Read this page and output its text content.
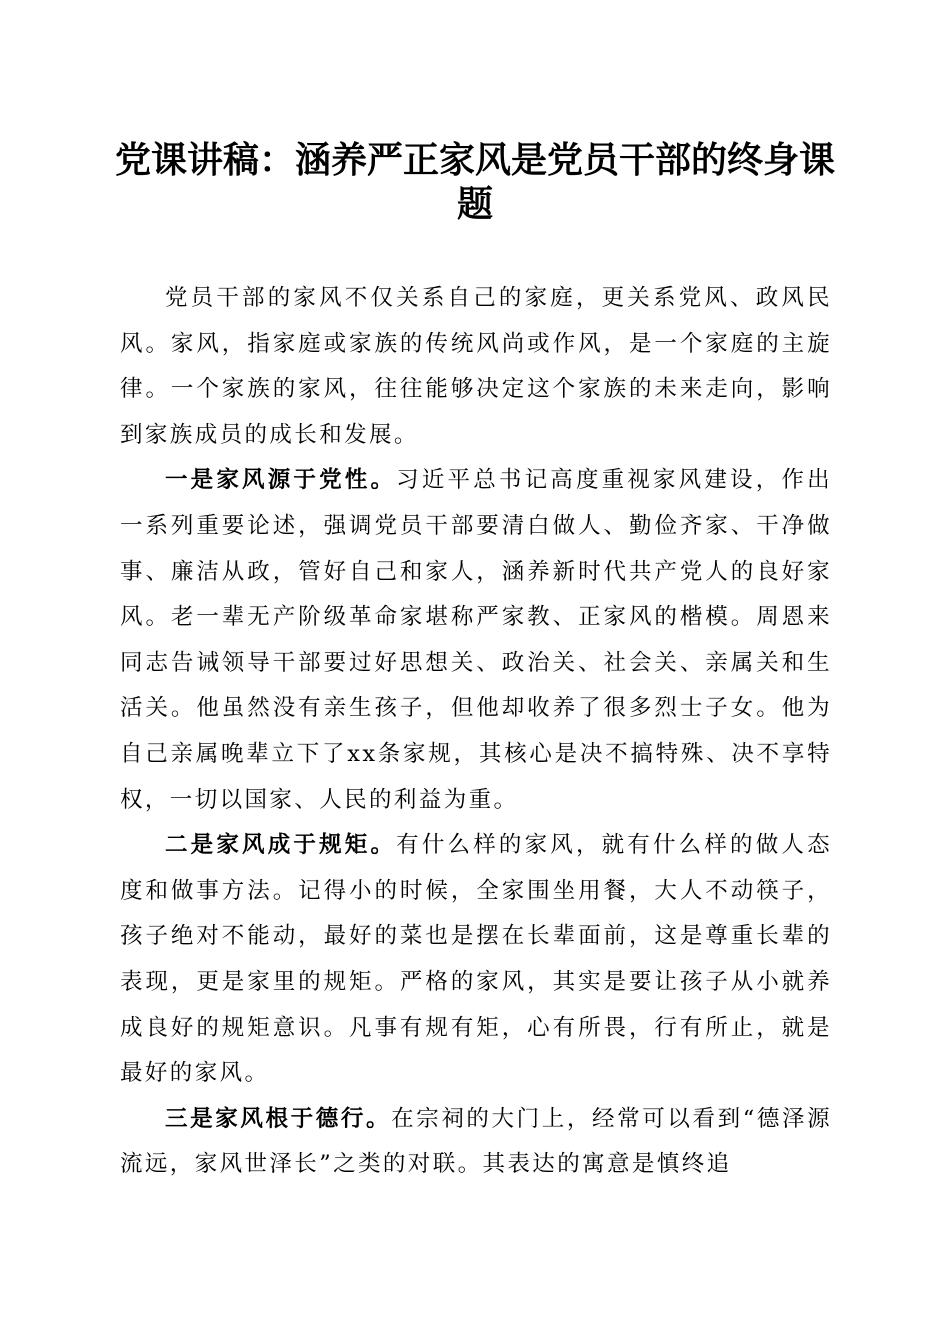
党课讲稿：涵养严正家风是党员干部的终身课题

党员干部的家风不仅关系自己的家庭，更关系党风、政风民风。家风，指家庭或家族的传统风尚或作风，是一个家庭的主旋律。一个家族的家风，往往能够决定这个家族的未来走向，影响到家族成员的成长和发展。

一是家风源于党性。习近平总书记高度重视家风建设，作出一系列重要论述，强调党员干部要清白做人、勤俭齐家、干净做事、廉洁从政，管好自己和家人，涵养新时代共产党人的良好家风。老一辈无产阶级革命家堪称严家教、正家风的楷模。周恩来同志告诫领导干部要过好思想关、政治关、社会关、亲属关和生活关。他虽然没有亲生孩子，但他却收养了很多烈士子女。他为自己亲属晚辈立下了xx条家规，其核心是决不搞特殊、决不享特权，一切以国家、人民的利益为重。

二是家风成于规矩。有什么样的家风，就有什么样的做人态度和做事方法。记得小的时候，全家围坐用餐，大人不动筷子，孩子绝对不能动，最好的菜也是摆在长辈面前，这是尊重长辈的表现，更是家里的规矩。严格的家风，其实是要让孩子从小就养成良好的规矩意识。凡事有规有矩，心有所畏，行有所止，就是最好的家风。

三是家风根于德行。在宗祠的大门上，经常可以看到“德泽源流远，家风世泽长”之类的对联。其表达的寓意是慎终追
